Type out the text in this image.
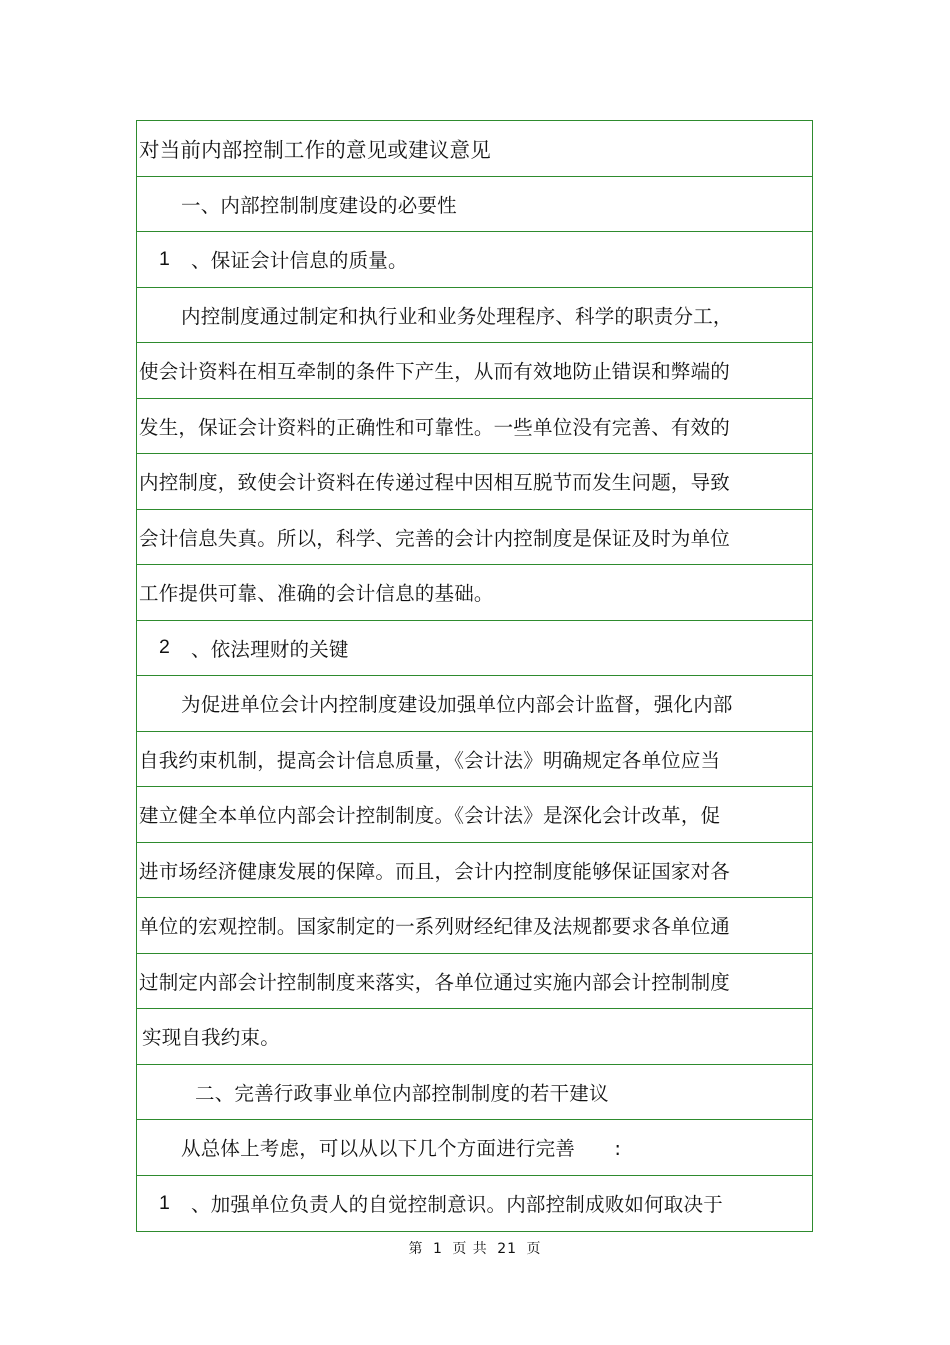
对当前内部控制工作的意见或建议意见
一、内部控制制度建设的必要性
1	、保证会计信息的质量。
内控制度通过制定和执行业和业务处理程序、科学的职责分工，
使会计资料在相互牵制的条件下产生，从而有效地防止错误和弊端的
发生，保证会计资料的正确性和可靠性。一些单位没有完善、有效的
内控制度，致使会计资料在传递过程中因相互脱节而发生问题，导致
会计信息失真。所以，科学、完善的会计内控制度是保证及时为单位
工作提供可靠、准确的会计信息的基础。
2	、依法理财的关键
为促进单位会计内控制度建设加强单位内部会计监督，强化内部
自我约束机制，提高会计信息质量，《会计法》明确规定各单位应当
建立健全本单位内部会计控制制度。《会计法》是深化会计改革，促
进市场经济健康发展的保障。而且，会计内控制度能够保证国家对各
单位的宏观控制。国家制定的一系列财经纪律及法规都要求各单位通
过制定内部会计控制制度来落实，各单位通过实施内部会计控制制度
实现自我约束。
二、完善行政事业单位内部控制制度的若干建议
从总体上考虑，可以从以下几个方面进行完善　　:
1	、加强单位负责人的自觉控制意识。内部控制成败如何取决于
第 1 页 共 21 页
